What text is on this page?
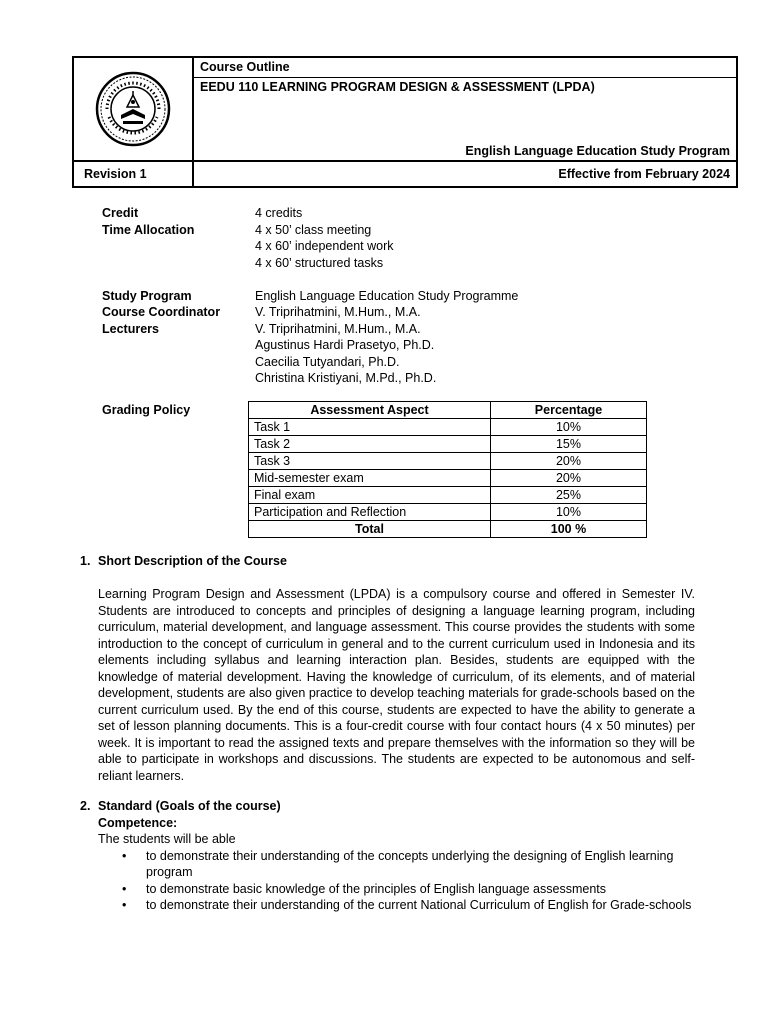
Course Outline
EEDU 110 LEARNING PROGRAM DESIGN & ASSESSMENT (LPDA)
English Language Education Study Program
Revision 1	Effective from February 2024
Credit	4 credits
Time Allocation	4 x 50’ class meeting
4 x 60’ independent work
4 x 60’ structured tasks
Study Program	English Language Education Study Programme
Course Coordinator	V. Triprihatmini, M.Hum., M.A.
Lecturers	V. Triprihatmini, M.Hum., M.A.
Agustinus Hardi Prasetyo, Ph.D.
Caecilia Tutyandari, Ph.D.
Christina Kristiyani, M.Pd., Ph.D.
Grading Policy	Assessment Aspect	Percentage
Task 1	10%
Task 2	15%
Task 3	20%
Mid-semester exam	20%
Final exam	25%
Participation and Reflection	10%
Total	100 %
1. Short Description of the Course
Learning Program Design and Assessment (LPDA) is a compulsory course and offered in Semester IV. Students are introduced to concepts and principles of designing a language learning program, including curriculum, material development, and language assessment. This course provides the students with some introduction to the concept of curriculum in general and to the current curriculum used in Indonesia and its elements including syllabus and learning interaction plan. Besides, students are equipped with the knowledge of material development. Having the knowledge of curriculum, of its elements, and of material development, students are also given practice to develop teaching materials for grade-schools based on the current curriculum used. By the end of this course, students are expected to have the ability to generate a set of lesson planning documents. This is a four-credit course with four contact hours (4 x 50 minutes) per week. It is important to read the assigned texts and prepare themselves with the information so they will be able to participate in workshops and discussions. The students are expected to be autonomous and self-reliant learners.
2. Standard (Goals of the course)
Competence:
The students will be able
•	to demonstrate their understanding of the concepts underlying the designing of English learning program
•	to demonstrate basic knowledge of the principles of English language assessments
•	to demonstrate their understanding of the current National Curriculum of English for Grade-schools
